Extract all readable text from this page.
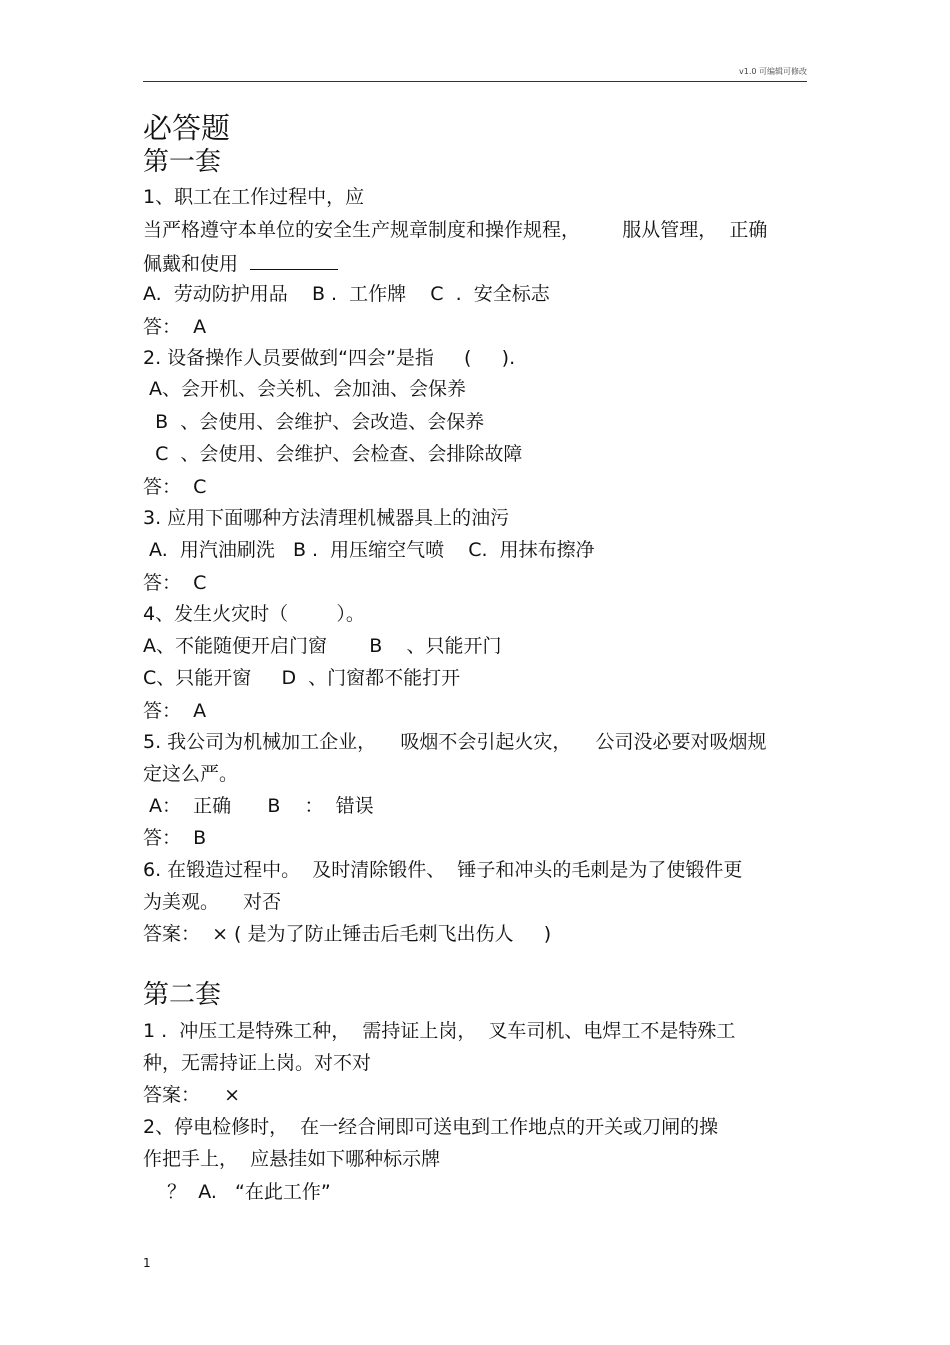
v1.0 可编辑可修改
必答题
第一套
1、职工在工作过程中，应
当严格遵守本单位的安全生产规章制度和操作规程，       服从管理，  正确
佩戴和使用
A.  劳动防护用品    B .  工作牌    C  .  安全标志
答：  A
2. 设备操作人员要做到“四会”是指     (     ).
A、会开机、会关机、会加油、会保养
B  、会使用、会维护、会改造、会保养
C  、会使用、会维护、会检查、会排除故障
答：  C
3. 应用下面哪种方法清理机械器具上的油污
A.  用汽油刷洗   B .  用压缩空气喷    C.  用抹布擦净
答：  C
4、发生火灾时（        ）。
A、不能随便开启门窗       B    、只能开门
C、只能开窗     D  、门窗都不能打开
答：  A
5. 我公司为机械加工企业，    吸烟不会引起火灾，    公司没必要对吸烟规
定这么严。
A：  正确      B    ：  错误
答：  B
6. 在锻造过程中。  及时清除锻件、  锤子和冲头的毛刺是为了使锻件更
为美观。    对否
答案：  × ( 是为了防止锤击后毛刺飞出伤人     )
第二套
1 .  冲压工是特殊工种，  需持证上岗，  叉车司机、电焊工不是特殊工
种，无需持证上岗。对不对
答案：    ×
2、停电检修时，  在一经合闸即可送电到工作地点的开关或刀闸的操
作把手上，  应悬挂如下哪种标示牌
？  A.   “在此工作”
1
